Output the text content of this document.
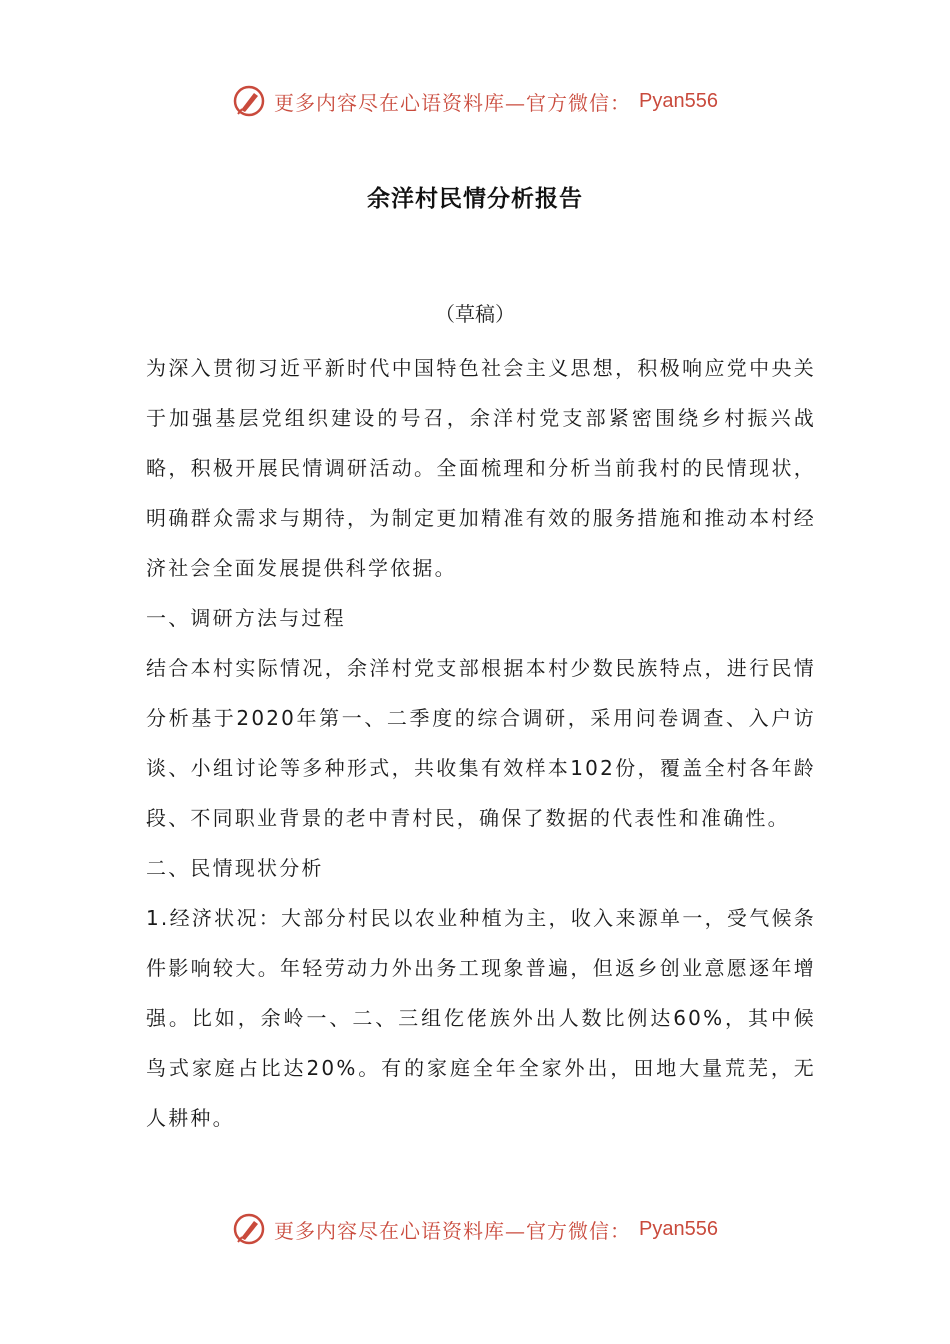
更多内容尽在心语资料库—官方微信： Pyan556
余洋村民情分析报告
（草稿）

为深入贯彻习近平新时代中国特色社会主义思想，积极响应党中央关于加强基层党组织建设的号召，余洋村党支部紧密围绕乡村振兴战略，积极开展民情调研活动。全面梳理和分析当前我村的民情现状，明确群众需求与期待，为制定更加精准有效的服务措施和推动本村经济社会全面发展提供科学依据。

一、调研方法与过程

结合本村实际情况，余洋村党支部根据本村少数民族特点，进行民情分析基于2020年第一、二季度的综合调研，采用问卷调查、入户访谈、小组讨论等多种形式，共收集有效样本102份，覆盖全村各年龄段、不同职业背景的老中青村民，确保了数据的代表性和准确性。

二、民情现状分析

1.经济状况：大部分村民以农业种植为主，收入来源单一，受气候条件影响较大。年轻劳动力外出务工现象普遍，但返乡创业意愿逐年增强。比如，余岭一、二、三组仡佬族外出人数比例达60%，其中候鸟式家庭占比达20%。有的家庭全年全家外出，田地大量荒芜，无人耕种。

更多内容尽在心语资料库—官方微信： Pyan556
